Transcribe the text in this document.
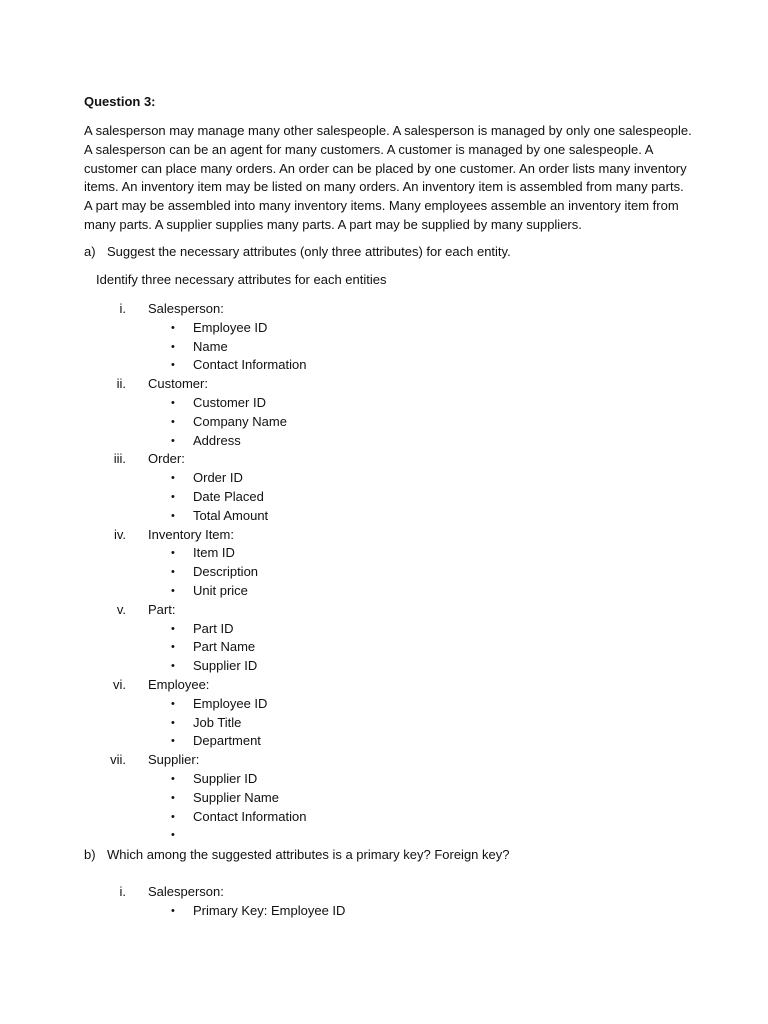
Question 3:
A salesperson may manage many other salespeople. A salesperson is managed by only one salespeople. A salesperson can be an agent for many customers. A customer is managed by one salespeople. A customer can place many orders. An order can be placed by one customer. An order lists many inventory items. An inventory item may be listed on many orders. An inventory item is assembled from many parts. A part may be assembled into many inventory items. Many employees assemble an inventory item from many parts. A supplier supplies many parts. A part may be supplied by many suppliers.
a) Suggest the necessary attributes (only three attributes) for each entity.
Identify three necessary attributes for each entities
i. Salesperson:
• Employee ID
• Name
• Contact Information
ii. Customer:
• Customer ID
• Company Name
• Address
iii. Order:
• Order ID
• Date Placed
• Total Amount
iv. Inventory Item:
• Item ID
• Description
• Unit price
v. Part:
• Part ID
• Part Name
• Supplier ID
vi. Employee:
• Employee ID
• Job Title
• Department
vii. Supplier:
• Supplier ID
• Supplier Name
• Contact Information
•
b) Which among the suggested attributes is a primary key? Foreign key?
i. Salesperson:
• Primary Key: Employee ID
